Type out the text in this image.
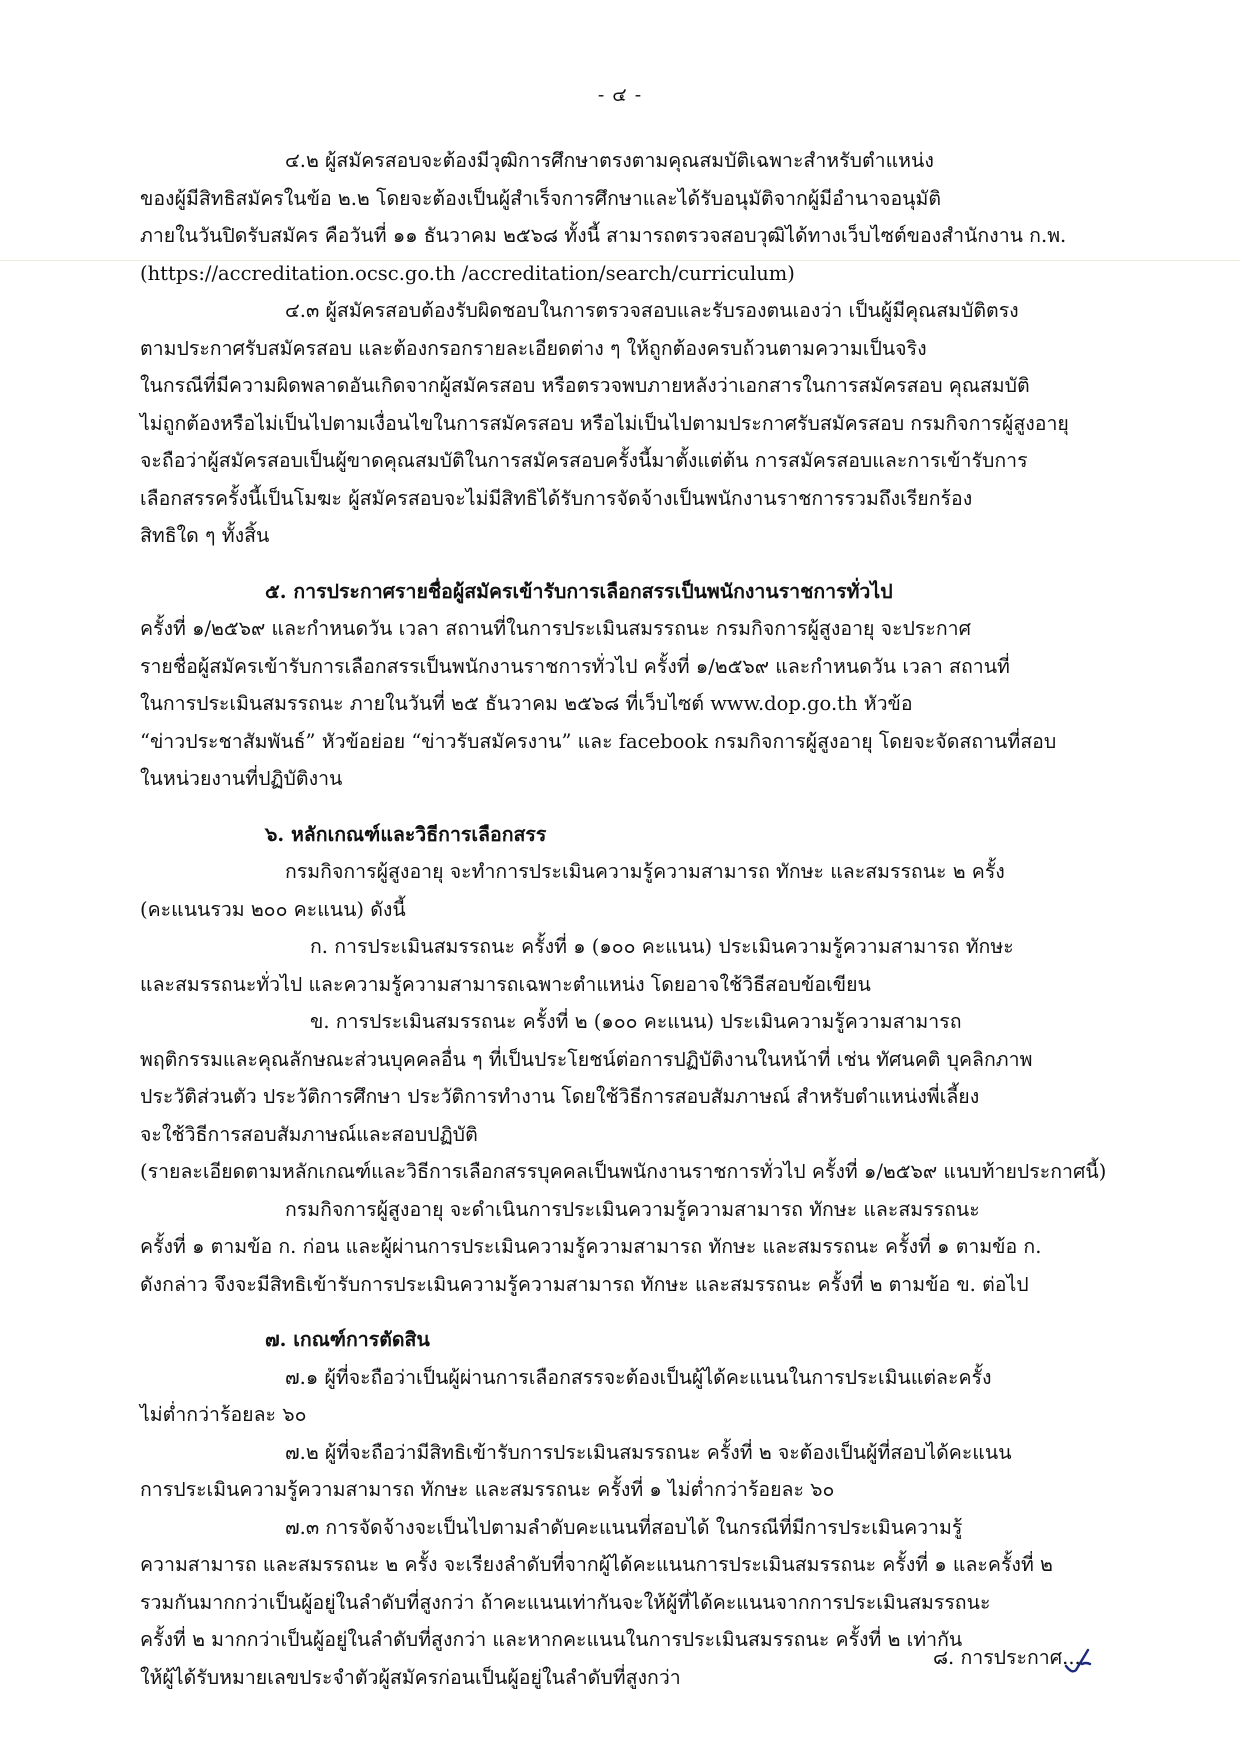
- ๔ -

๔.๒ ผู้สมัครสอบจะต้องมีวุฒิการศึกษาตรงตามคุณสมบัติเฉพาะสำหรับตำแหน่ง

ของผู้มีสิทธิสมัครในข้อ ๒.๒ โดยจะต้องเป็นผู้สำเร็จการศึกษาและได้รับอนุมัติจากผู้มีอำนาจอนุมัติ

ภายในวันปิดรับสมัคร คือวันที่ ๑๑ ธันวาคม ๒๕๖๘ ทั้งนี้ สามารถตรวจสอบวุฒิได้ทางเว็บไซต์ของสำนักงาน ก.พ.

(https://accreditation.ocsc.go.th /accreditation/search/curriculum)

๔.๓ ผู้สมัครสอบต้องรับผิดชอบในการตรวจสอบและรับรองตนเองว่า เป็นผู้มีคุณสมบัติตรง

ตามประกาศรับสมัครสอบ และต้องกรอกรายละเอียดต่าง ๆ ให้ถูกต้องครบถ้วนตามความเป็นจริง

ในกรณีที่มีความผิดพลาดอันเกิดจากผู้สมัครสอบ หรือตรวจพบภายหลังว่าเอกสารในการสมัครสอบ คุณสมบัติ

ไม่ถูกต้องหรือไม่เป็นไปตามเงื่อนไขในการสมัครสอบ หรือไม่เป็นไปตามประกาศรับสมัครสอบ กรมกิจการผู้สูงอายุ

จะถือว่าผู้สมัครสอบเป็นผู้ขาดคุณสมบัติในการสมัครสอบครั้งนี้มาตั้งแต่ต้น การสมัครสอบและการเข้ารับการ

เลือกสรรครั้งนี้เป็นโมฆะ ผู้สมัครสอบจะไม่มีสิทธิได้รับการจัดจ้างเป็นพนักงานราชการรวมถึงเรียกร้อง

สิทธิใด ๆ ทั้งสิ้น

๕. การประกาศรายชื่อผู้สมัครเข้ารับการเลือกสรรเป็นพนักงานราชการทั่วไป

ครั้งที่ ๑/๒๕๖๙ และกำหนดวัน เวลา สถานที่ในการประเมินสมรรถนะ กรมกิจการผู้สูงอายุ จะประกาศ

รายชื่อผู้สมัครเข้ารับการเลือกสรรเป็นพนักงานราชการทั่วไป ครั้งที่ ๑/๒๕๖๙ และกำหนดวัน เวลา สถานที่

ในการประเมินสมรรถนะ ภายในวันที่ ๒๕ ธันวาคม ๒๕๖๘ ที่เว็บไซต์ www.dop.go.th หัวข้อ

“ข่าวประชาสัมพันธ์” หัวข้อย่อย “ข่าวรับสมัครงาน” และ facebook กรมกิจการผู้สูงอายุ โดยจะจัดสถานที่สอบ

ในหน่วยงานที่ปฏิบัติงาน

๖. หลักเกณฑ์และวิธีการเลือกสรร

กรมกิจการผู้สูงอายุ จะทำการประเมินความรู้ความสามารถ ทักษะ และสมรรถนะ ๒ ครั้ง

(คะแนนรวม ๒๐๐ คะแนน) ดังนี้

ก. การประเมินสมรรถนะ ครั้งที่ ๑ (๑๐๐ คะแนน) ประเมินความรู้ความสามารถ ทักษะ

และสมรรถนะทั่วไป และความรู้ความสามารถเฉพาะตำแหน่ง โดยอาจใช้วิธีสอบข้อเขียน

ข. การประเมินสมรรถนะ ครั้งที่ ๒ (๑๐๐ คะแนน) ประเมินความรู้ความสามารถ

พฤติกรรมและคุณลักษณะส่วนบุคคลอื่น ๆ ที่เป็นประโยชน์ต่อการปฏิบัติงานในหน้าที่ เช่น ทัศนคติ บุคลิกภาพ

ประวัติส่วนตัว ประวัติการศึกษา ประวัติการทำงาน โดยใช้วิธีการสอบสัมภาษณ์ สำหรับตำแหน่งพี่เลี้ยง

จะใช้วิธีการสอบสัมภาษณ์และสอบปฏิบัติ

(รายละเอียดตามหลักเกณฑ์และวิธีการเลือกสรรบุคคลเป็นพนักงานราชการทั่วไป ครั้งที่ ๑/๒๕๖๙ แนบท้ายประกาศนี้)

กรมกิจการผู้สูงอายุ จะดำเนินการประเมินความรู้ความสามารถ ทักษะ และสมรรถนะ

ครั้งที่ ๑ ตามข้อ ก. ก่อน และผู้ผ่านการประเมินความรู้ความสามารถ ทักษะ และสมรรถนะ ครั้งที่ ๑ ตามข้อ ก.

ดังกล่าว จึงจะมีสิทธิเข้ารับการประเมินความรู้ความสามารถ ทักษะ และสมรรถนะ ครั้งที่ ๒ ตามข้อ ข. ต่อไป

๗. เกณฑ์การตัดสิน

๗.๑ ผู้ที่จะถือว่าเป็นผู้ผ่านการเลือกสรรจะต้องเป็นผู้ได้คะแนนในการประเมินแต่ละครั้ง

ไม่ต่ำกว่าร้อยละ ๖๐

๗.๒ ผู้ที่จะถือว่ามีสิทธิเข้ารับการประเมินสมรรถนะ ครั้งที่ ๒ จะต้องเป็นผู้ที่สอบได้คะแนน

การประเมินความรู้ความสามารถ ทักษะ และสมรรถนะ ครั้งที่ ๑ ไม่ต่ำกว่าร้อยละ ๖๐

๗.๓ การจัดจ้างจะเป็นไปตามลำดับคะแนนที่สอบได้ ในกรณีที่มีการประเมินความรู้

ความสามารถ และสมรรถนะ ๒ ครั้ง จะเรียงลำดับที่จากผู้ได้คะแนนการประเมินสมรรถนะ ครั้งที่ ๑ และครั้งที่ ๒

รวมกันมากกว่าเป็นผู้อยู่ในลำดับที่สูงกว่า ถ้าคะแนนเท่ากันจะให้ผู้ที่ได้คะแนนจากการประเมินสมรรถนะ

ครั้งที่ ๒ มากกว่าเป็นผู้อยู่ในลำดับที่สูงกว่า และหากคะแนนในการประเมินสมรรถนะ ครั้งที่ ๒ เท่ากัน

ให้ผู้ได้รับหมายเลขประจำตัวผู้สมัครก่อนเป็นผู้อยู่ในลำดับที่สูงกว่า

๘. การประกาศ...
